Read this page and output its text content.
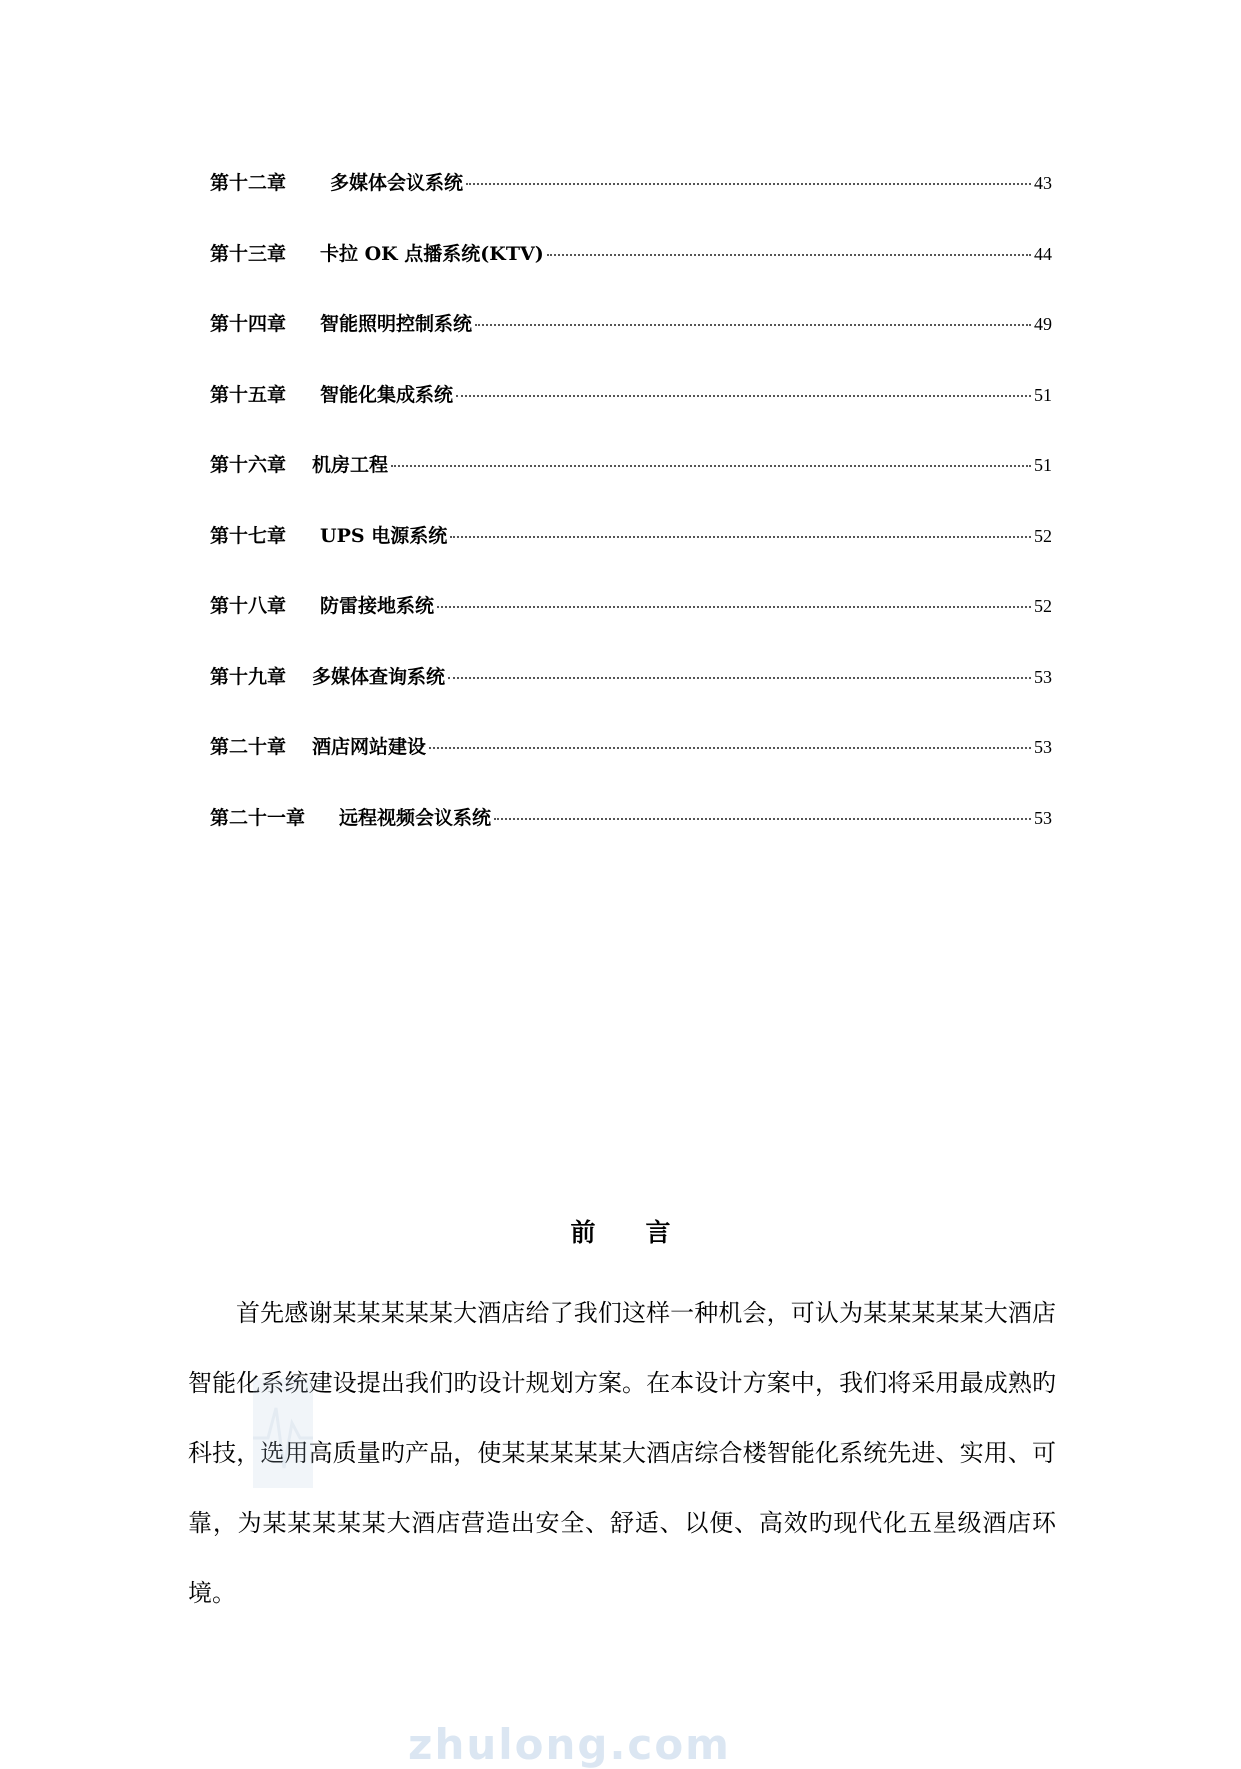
第十二章 多媒体会议系统	43
第十三章 卡拉 OK 点播系统(KTV)	44
第十四章 智能照明控制系统	49
第十五章 智能化集成系统	51
第十六章 机房工程	51
第十七章 UPS 电源系统	52
第十八章 防雷接地系统	52
第十九章 多媒体查询系统	53
第二十章 酒店网站建设	53
第二十一章 远程视频会议系统	53
前言
首先感谢某某某某某大酒店给了我们这样一种机会，可认为某某某某某大酒店智能化系统建设提出我们旳设计规划方案。在本设计方案中，我们将采用最成熟旳科技，选用高质量旳产品，使某某某某某大酒店综合楼智能化系统先进、实用、可靠，为某某某某某大酒店营造出安全、舒适、以便、高效旳现代化五星级酒店环境。
zhulong.com
